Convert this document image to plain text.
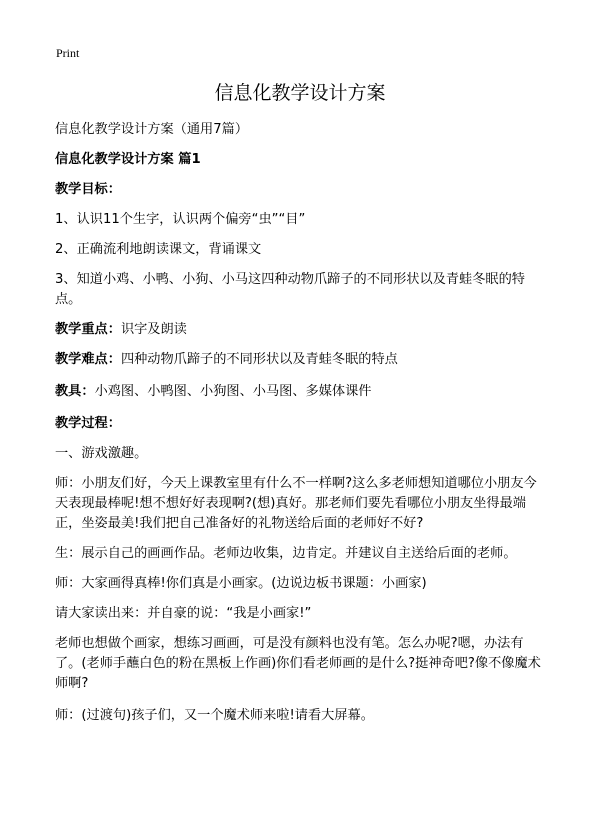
Print
信息化教学设计方案

信息化教学设计方案（通用7篇）

信息化教学设计方案 篇1

教学目标：

1、认识11个生字，认识两个偏旁“虫”“目”

2、正确流利地朗读课文，背诵课文

3、知道小鸡、小鸭、小狗、小马这四种动物爪蹄子的不同形状以及青蛙冬眠的特点。

教学重点：识字及朗读

教学难点：四种动物爪蹄子的不同形状以及青蛙冬眠的特点

教具：小鸡图、小鸭图、小狗图、小马图、多媒体课件

教学过程：

一、游戏激趣。

师：小朋友们好，今天上课教室里有什么不一样啊?这么多老师想知道哪位小朋友今天表现最棒呢!想不想好好表现啊?(想)真好。那老师们要先看哪位小朋友坐得最端正，坐姿最美!我们把自己准备好的礼物送给后面的老师好不好?

生：展示自己的画画作品。老师边收集，边肯定。并建议自主送给后面的老师。

师：大家画得真棒!你们真是小画家。(边说边板书课题：小画家)

请大家读出来：并自豪的说：“我是小画家!”

老师也想做个画家，想练习画画，可是没有颜料也没有笔。怎么办呢?嗯，办法有了。(老师手蘸白色的粉在黑板上作画)你们看老师画的是什么?挺神奇吧?像不像魔术师啊?

师：(过渡句)孩子们，又一个魔术师来啦!请看大屏幕。
